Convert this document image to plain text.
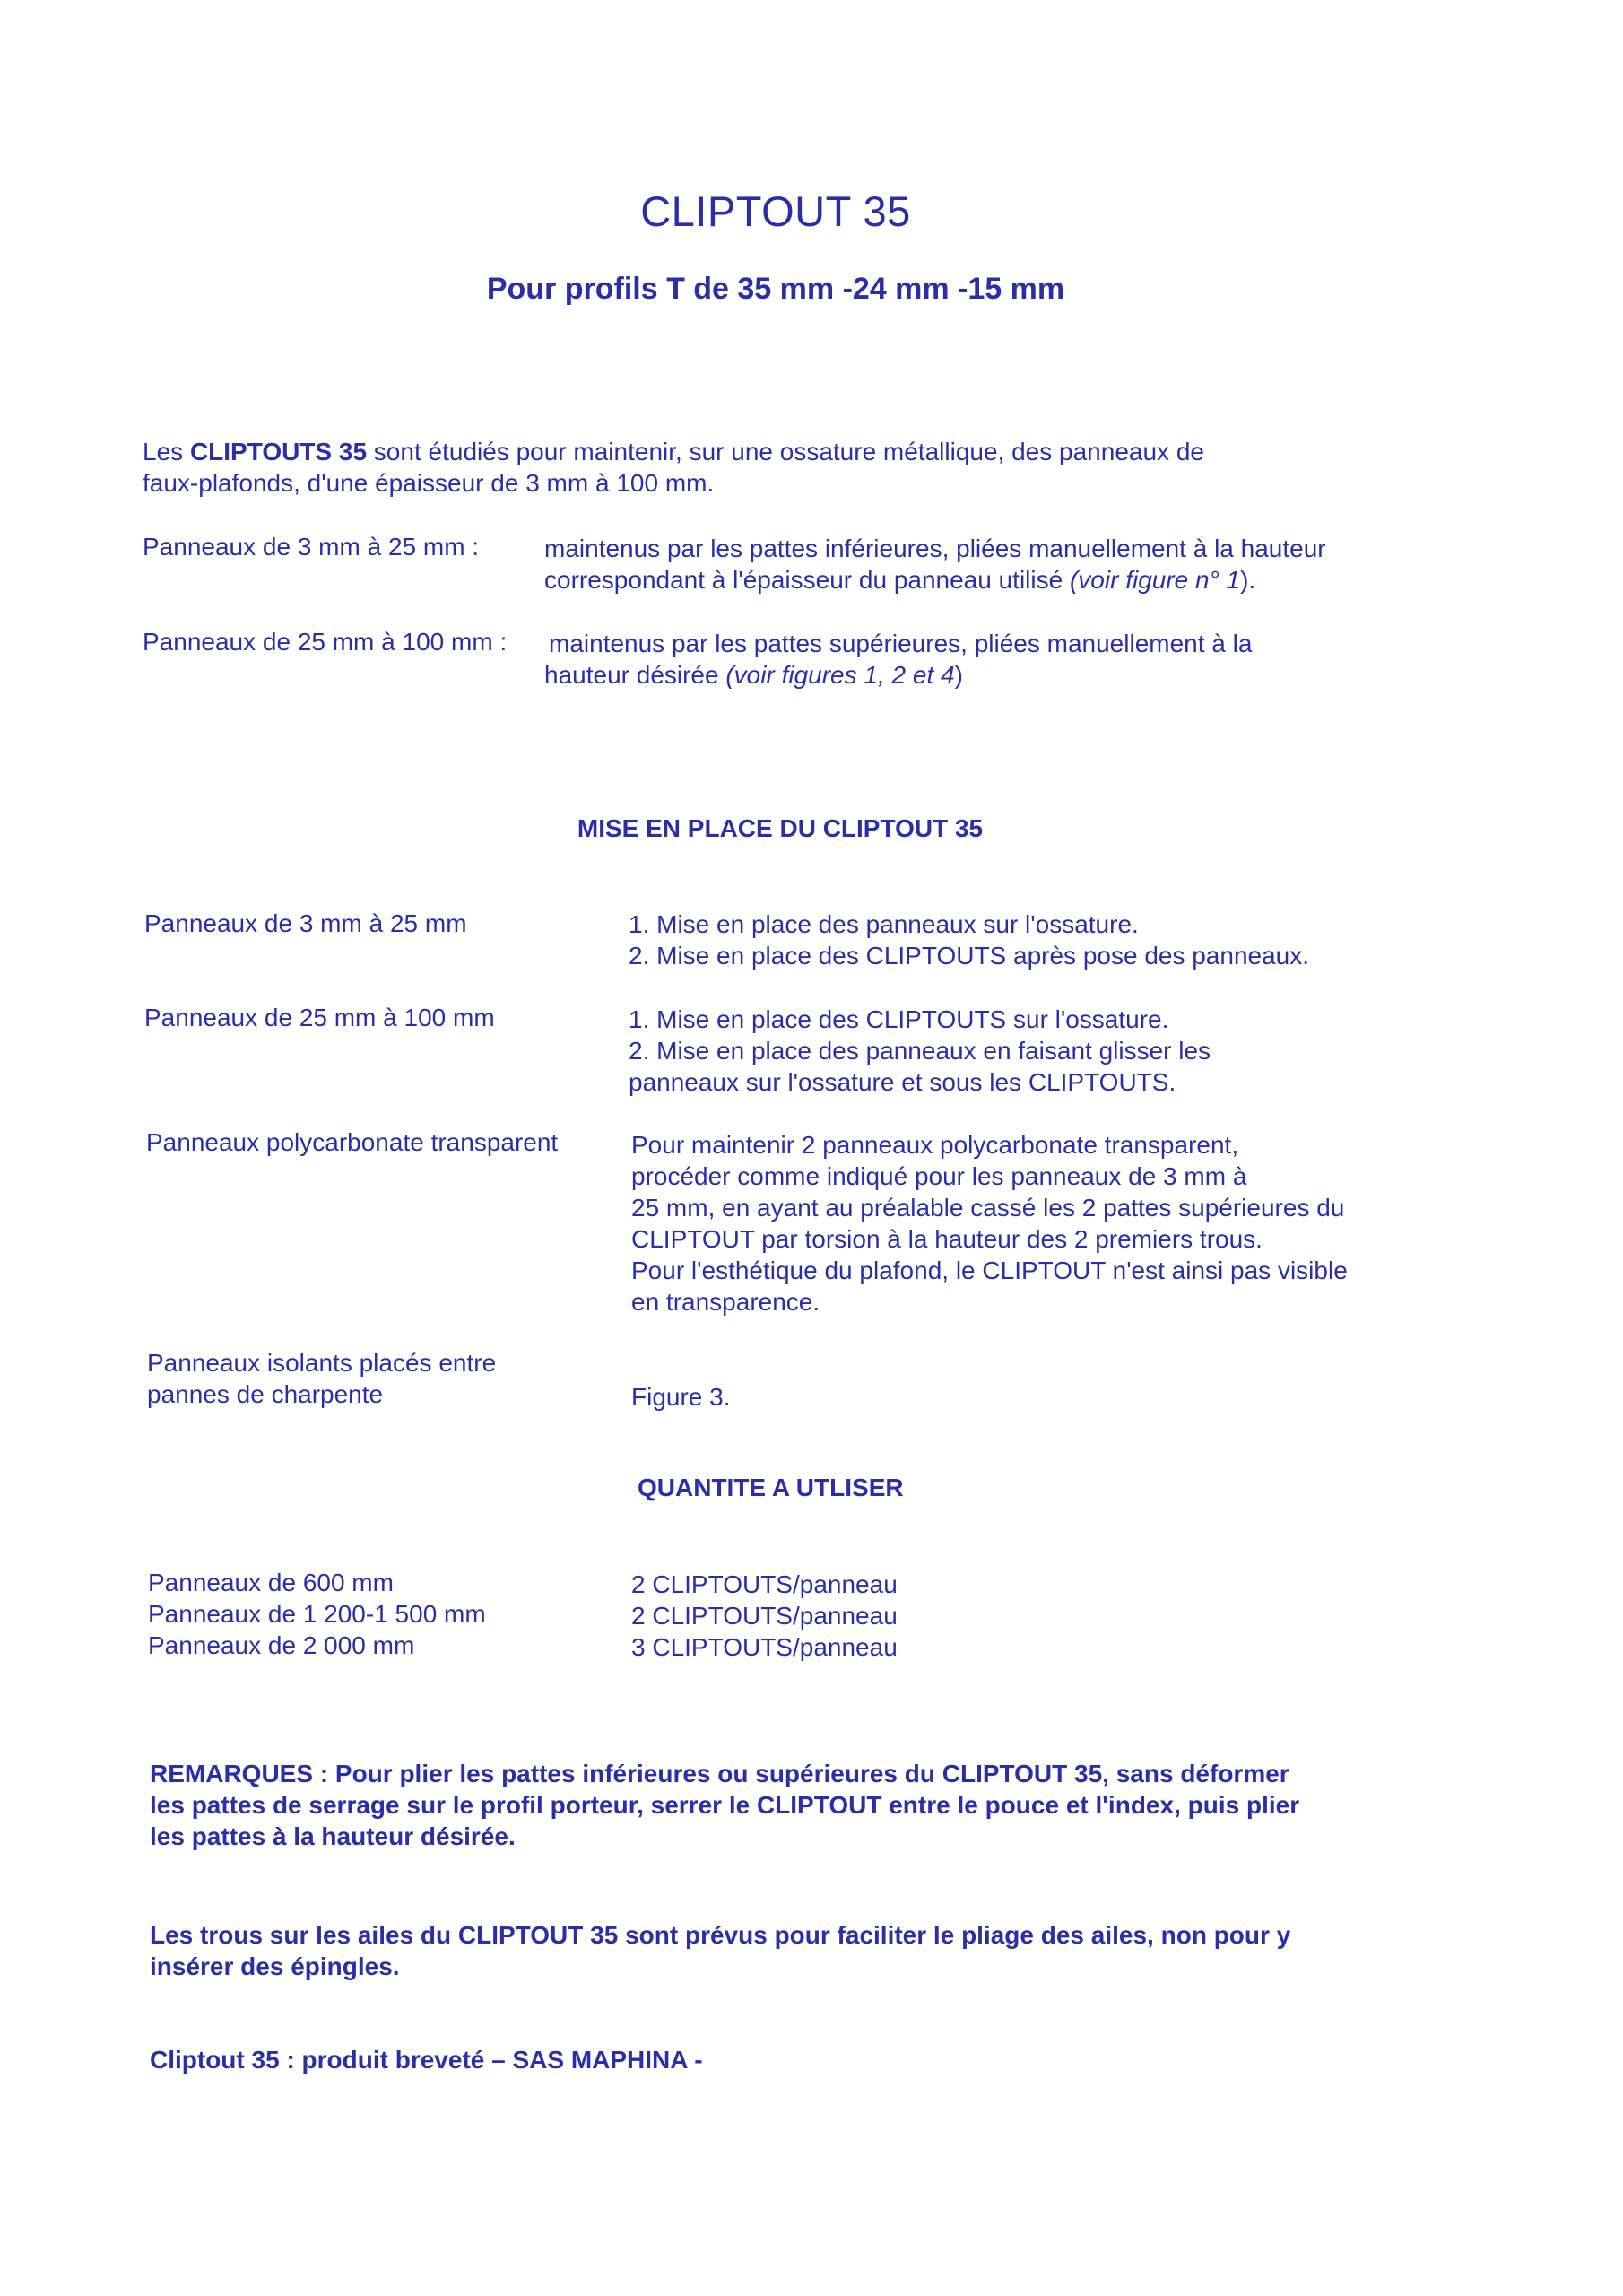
CLIPTOUT 35
Pour profils T de 35 mm -24 mm -15 mm
Les CLIPTOUTS 35 sont étudiés pour maintenir, sur une ossature métallique, des panneaux de
faux-plafonds, d'une épaisseur de 3 mm à 100 mm.
Panneaux de 3 mm à 25 mm :	maintenus par les pattes inférieures, pliées manuellement à la hauteur
correspondant à l'épaisseur du panneau utilisé (voir figure n° 1).
Panneaux de 25 mm à 100 mm : maintenus par les pattes supérieures, pliées manuellement à la
hauteur désirée (voir figures 1, 2 et 4)
MISE EN PLACE DU CLIPTOUT 35
Panneaux de 3 mm à 25 mm	1. Mise en place des panneaux sur l'ossature.
2. Mise en place des CLIPTOUTS après pose des panneaux.
Panneaux de 25 mm à 100 mm	1. Mise en place des CLIPTOUTS sur l'ossature.
2. Mise en place des panneaux en faisant glisser les
panneaux sur l'ossature et sous les CLIPTOUTS.
Panneaux polycarbonate transparent	Pour maintenir 2 panneaux polycarbonate transparent,
procéder comme indiqué pour les panneaux de 3 mm à
25 mm, en ayant au préalable cassé les 2 pattes supérieures du
CLIPTOUT par torsion à la hauteur des 2 premiers trous.
Pour l'esthétique du plafond, le CLIPTOUT n'est ainsi pas visible
en transparence.
Panneaux isolants placés entre
pannes de charpente	Figure 3.
QUANTITE A UTLISER
Panneaux de 600 mm	2 CLIPTOUTS/panneau
Panneaux de 1 200-1 500 mm	2 CLIPTOUTS/panneau
Panneaux de 2 000 mm	3 CLIPTOUTS/panneau
REMARQUES : Pour plier les pattes inférieures ou supérieures du CLIPTOUT 35, sans déformer
les pattes de serrage sur le profil porteur, serrer le CLIPTOUT entre le pouce et l'index, puis plier
les pattes à la hauteur désirée.
Les trous sur les ailes du CLIPTOUT 35 sont prévus pour faciliter le pliage des ailes, non pour y
insérer des épingles.
Cliptout 35 : produit breveté – SAS MAPHINA -
